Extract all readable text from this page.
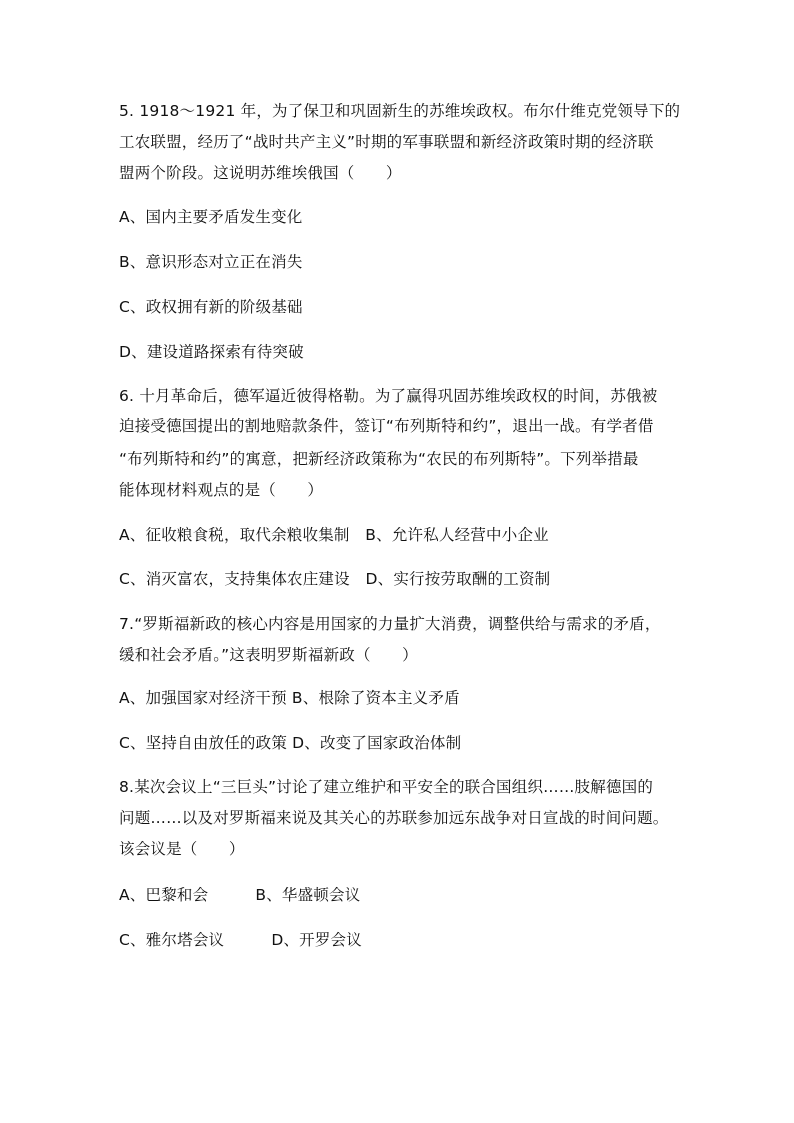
5. 1918～1921 年，为了保卫和巩固新生的苏维埃政权。布尔什维克党领导下的
工农联盟，经历了“战时共产主义”时期的军事联盟和新经济政策时期的经济联
盟两个阶段。这说明苏维埃俄国（　　）
A、国内主要矛盾发生变化
B、意识形态对立正在消失
C、政权拥有新的阶级基础
D、建设道路探索有待突破
6. 十月革命后，德军逼近彼得格勒。为了赢得巩固苏维埃政权的时间，苏俄被
迫接受德国提出的割地赔款条件，签订“布列斯特和约”，退出一战。有学者借
“布列斯特和约”的寓意，把新经济政策称为“农民的布列斯特”。下列举措最
能体现材料观点的是（　　）
A、征收粮食税，取代余粮收集制　B、允许私人经营中小企业
C、消灭富农，支持集体农庄建设　D、实行按劳取酬的工资制
7.“罗斯福新政的核心内容是用国家的力量扩大消费，调整供给与需求的矛盾，
缓和社会矛盾。”这表明罗斯福新政（　　）
A、加强国家对经济干预 B、根除了资本主义矛盾
C、坚持自由放任的政策 D、改变了国家政治体制
8.某次会议上“三巨头”讨论了建立维护和平安全的联合国组织……肢解德国的
问题……以及对罗斯福来说及其关心的苏联参加远东战争对日宣战的时间问题。
该会议是（　　）
A、巴黎和会　　　B、华盛顿会议
C、雅尔塔会议　　　D、开罗会议
